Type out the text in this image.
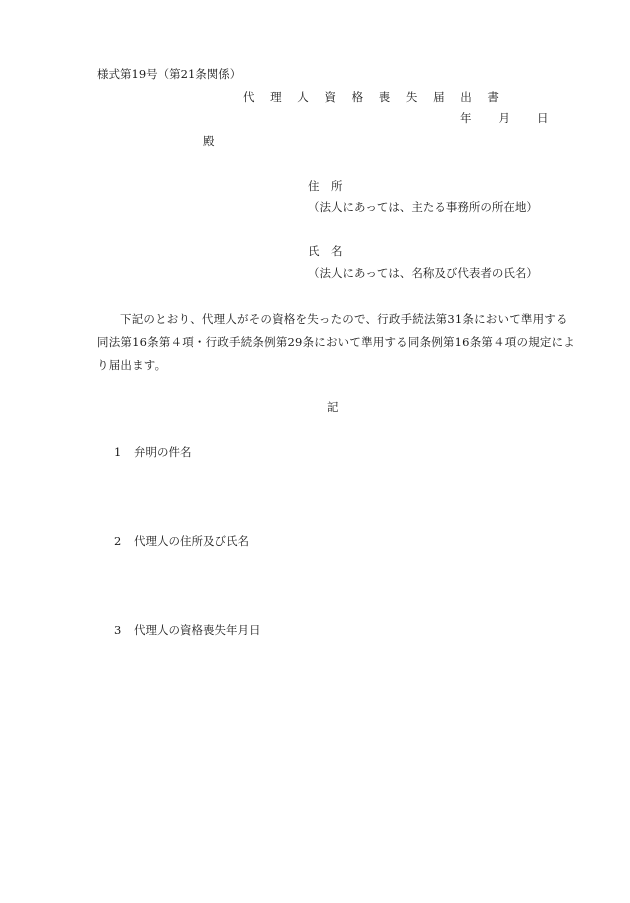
様式第19号（第21条関係）
代 理 人 資 格 喪 失 届 出 書
年 月 日
殿
住　所
（法人にあっては、主たる事務所の所在地）
氏　名
（法人にあっては、名称及び代表者の氏名）
下記のとおり、代理人がその資格を失ったので、行政手続法第31条において準用する同法第16条第４項・行政手続条例第29条において準用する同条例第16条第４項の規定により届出ます。
記
1 弁明の件名
2 代理人の住所及び氏名
3 代理人の資格喪失年月日
